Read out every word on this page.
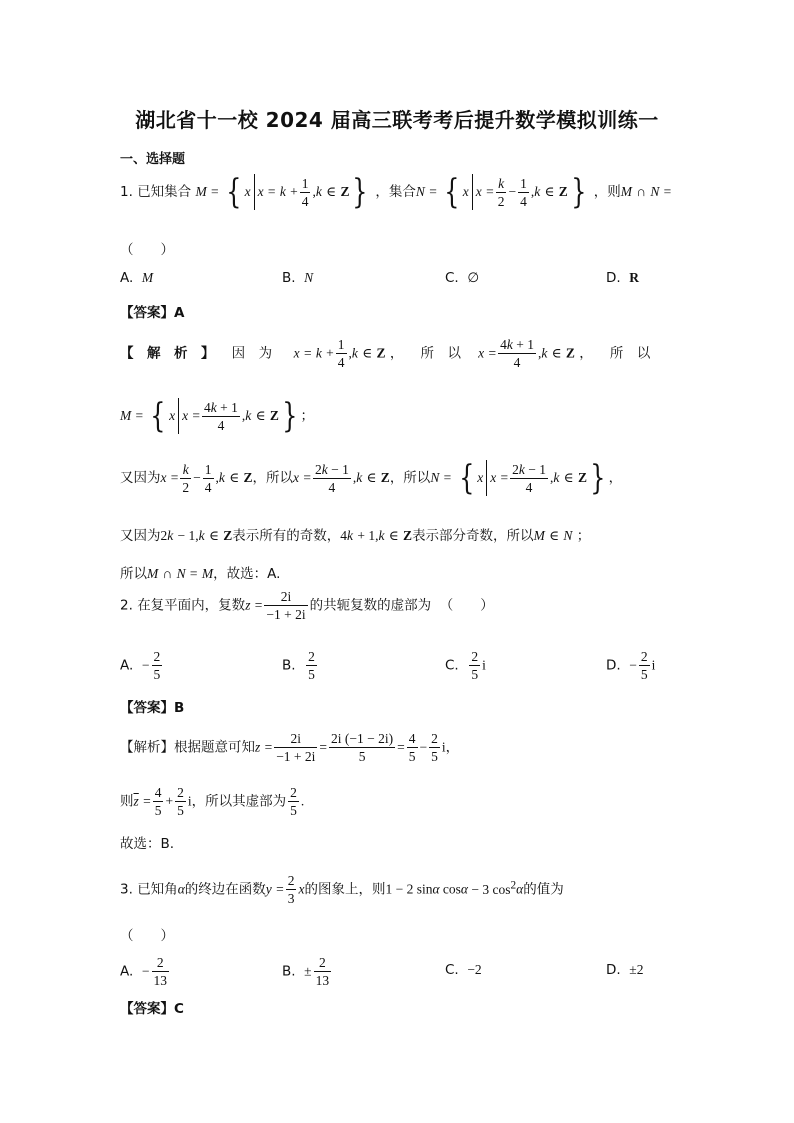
湖北省十一校 2024 届高三联考考后提升数学模拟训练一
一、选择题
1. 已知集合 M = { x $x = k + \frac{1}{4} ,k$ ∈ Z} ，集合N = { x $x = \frac{k}{2} - \frac{1}{4} ,k$ ∈ Z} ，则M ∩ N =
（　　）
A. M	B. N	C. ∅	D. R
【答案】A
【　解　析　】 因　为 $x = k + \frac{1}{4} ,k$ ∈ Z ， 所　以 $x = \frac{4k + 1}{4} ,k$ ∈ Z ， 所　以
M = { x $x = \frac{4k + 1}{4} ,k$ ∈ Z} ；
又因为$x = \frac{k}{2} - \frac{1}{4} ,k$ ∈ Z，所以$x = \frac{2k - 1}{4} ,k$ ∈ Z，所以N = { x $x = \frac{2k - 1}{4} ,k$ ∈ Z} ，
又因为2k − 1,k ∈ Z表示所有的奇数，4k + 1,k ∈ Z表示部分奇数，所以M ∈ N ；
所以M ∩ N = M，故选：A.
2. 在复平面内，复数$z = \frac{2i}{-1 + 2i}$ 的共轭复数的虚部为 （　　）
A. − $\frac{2}{5}$	B. $\frac{2}{5}$	C. $\frac{2}{5}$ i	D. − $\frac{2}{5}$ i
【答案】B
【解析】根据题意可知$z = \frac{2i}{-1 + 2i} = \frac{2i (-1 - 2i)}{5} = \frac{4}{5} - \frac{2}{5}$ i，
则$\overline{z} = \frac{4}{5} + \frac{2}{5}$ i，所以其虚部为 $\frac{2}{5}$ .
故选：B.
3. 已知角α的终边在函数$y = \frac{2}{3}$ x的图象上，则1 − 2 sinα cosα − 3 $\cos^2\alpha$的值为
（　　）
A. − $\frac{2}{13}$	B. ± $\frac{2}{13}$	C. −2	D. ±2
【答案】C
